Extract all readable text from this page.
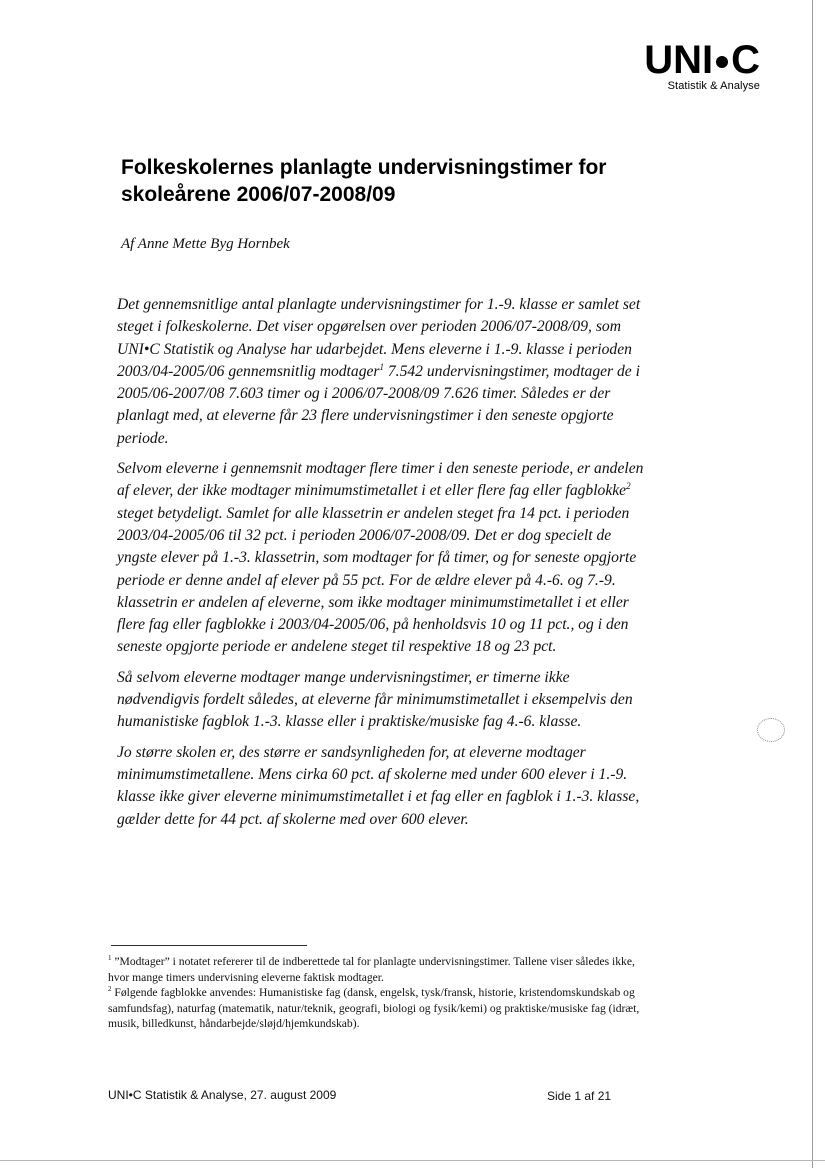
UNI C
Statistik & Analyse
Folkeskolernes planlagte undervisningstimer for skoleårene 2006/07-2008/09
Af Anne Mette Byg Hornbek

Det gennemsnitlige antal planlagte undervisningstimer for 1.-9. klasse er samlet set steget i folkeskolerne. Det viser opgørelsen over perioden 2006/07-2008/09, som UNI•C Statistik og Analyse har udarbejdet. Mens eleverne i 1.-9. klasse i perioden 2003/04-2005/06 gennemsnitlig modtager$^1$ 7.542 undervisningstimer, modtager de i 2005/06-2007/08 7.603 timer og i 2006/07-2008/09 7.626 timer. Således er der planlagt med, at eleverne får 23 flere undervisningstimer i den seneste opgjorte periode.

Selvom eleverne i gennemsnit modtager flere timer i den seneste periode, er andelen af elever, der ikke modtager minimumstimetallet i et eller flere fag eller fagblokke$^2$ steget betydeligt. Samlet for alle klassetrin er andelen steget fra 14 pct. i perioden 2003/04-2005/06 til 32 pct. i perioden 2006/07-2008/09. Det er dog specielt de yngste elever på 1.-3. klassetrin, som modtager for få timer, og for seneste opgjorte periode er denne andel af elever på 55 pct. For de ældre elever på 4.-6. og 7.-9. klassetrin er andelen af eleverne, som ikke modtager minimumstimetallet i et eller flere fag eller fagblokke i 2003/04-2005/06, på henholdsvis 10 og 11 pct., og i den seneste opgjorte periode er andelene steget til respektive 18 og 23 pct.

Så selvom eleverne modtager mange undervisningstimer, er timerne ikke nødvendigvis fordelt således, at eleverne får minimumstimetallet i eksempelvis den humanistiske fagblok 1.-3. klasse eller i praktiske/musiske fag 4.-6. klasse.

Jo større skolen er, des større er sandsynligheden for, at eleverne modtager minimumstimetallene. Mens cirka 60 pct. af skolerne med under 600 elever i 1.-9. klasse ikke giver eleverne minimumstimetallet i et fag eller en fagblok i 1.-3. klasse, gælder dette for 44 pct. af skolerne med over 600 elever.

$^1$ ”Modtager” i notatet refererer til de indberettede tal for planlagte undervisningstimer. Tallene viser således ikke, hvor mange timers undervisning eleverne faktisk modtager.

$^2$ Følgende fagblokke anvendes: Humanistiske fag (dansk, engelsk, tysk/fransk, historie, kristendomskundskab og samfundsfag), naturfag (matematik, natur/teknik, geografi, biologi og fysik/kemi) og praktiske/musiske fag (idræt, musik, billedkunst, håndarbejde/sløjd/hjemkundskab).

UNI•C Statistik & Analyse, 27. august 2009	Side 1 af 21
